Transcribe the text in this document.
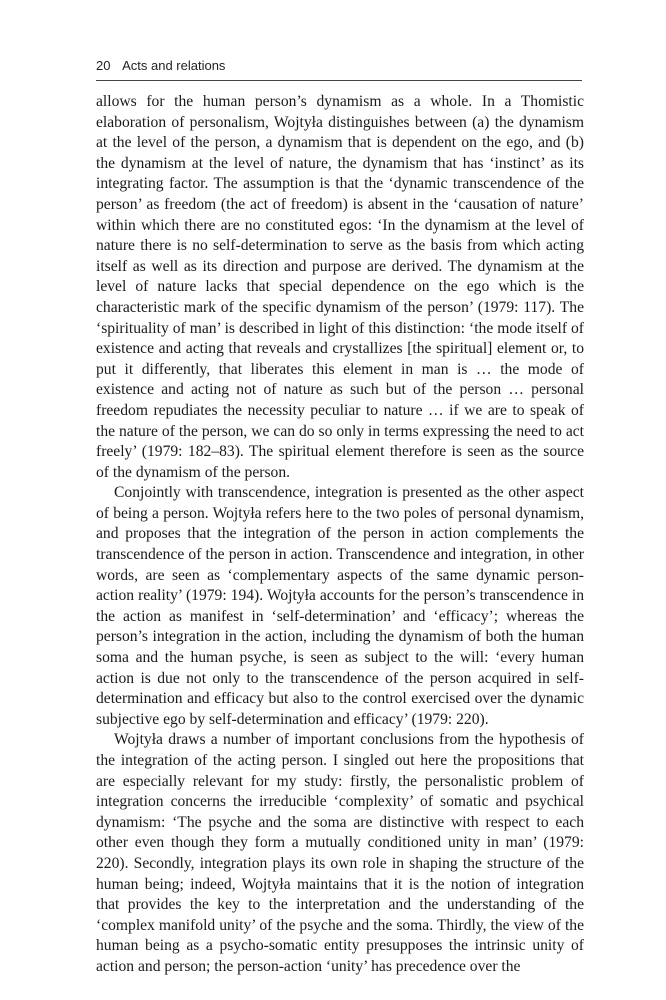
20 Acts and relations

allows for the human person’s dynamism as a whole. In a Thomistic elaboration of personalism, Wojtyła distinguishes between (a) the dynamism at the level of the person, a dynamism that is dependent on the ego, and (b) the dynamism at the level of nature, the dynamism that has ‘instinct’ as its integrating factor. The assumption is that the ‘dynamic transcendence of the person’ as freedom (the act of freedom) is absent in the ‘causation of nature’ within which there are no constituted egos: ‘In the dynamism at the level of nature there is no self-determination to serve as the basis from which acting itself as well as its direction and purpose are derived. The dynamism at the level of nature lacks that special dependence on the ego which is the characteristic mark of the specific dynamism of the person’ (1979: 117). The ‘spirituality of man’ is described in light of this distinction: ‘the mode itself of existence and acting that reveals and crystallizes [the spiritual] element or, to put it differently, that liberates this element in man is … the mode of existence and acting not of nature as such but of the person … personal freedom repudiates the necessity peculiar to nature … if we are to speak of the nature of the person, we can do so only in terms expressing the need to act freely’ (1979: 182–83). The spiritual element therefore is seen as the source of the dynamism of the person.

Conjointly with transcendence, integration is presented as the other aspect of being a person. Wojtyła refers here to the two poles of personal dynamism, and proposes that the integration of the person in action complements the transcendence of the person in action. Transcendence and integration, in other words, are seen as ‘complementary aspects of the same dynamic person-action reality’ (1979: 194). Wojtyła accounts for the person’s transcendence in the action as manifest in ‘self-determination’ and ‘efficacy’; whereas the person’s integration in the action, including the dynamism of both the human soma and the human psyche, is seen as subject to the will: ‘every human action is due not only to the transcendence of the person acquired in self-determination and efficacy but also to the control exercised over the dynamic subjective ego by self-determination and efficacy’ (1979: 220).

Wojtyła draws a number of important conclusions from the hypothesis of the integration of the acting person. I singled out here the propositions that are especially relevant for my study: firstly, the personalistic problem of integration concerns the irreducible ‘complexity’ of somatic and psychical dynamism: ‘The psyche and the soma are distinctive with respect to each other even though they form a mutually conditioned unity in man’ (1979: 220). Secondly, integration plays its own role in shaping the structure of the human being; indeed, Wojtyła maintains that it is the notion of integration that provides the key to the interpretation and the understanding of the ‘complex manifold unity’ of the psyche and the soma. Thirdly, the view of the human being as a psycho-somatic entity presupposes the intrinsic unity of action and person; the person-action ‘unity’ has precedence over the
